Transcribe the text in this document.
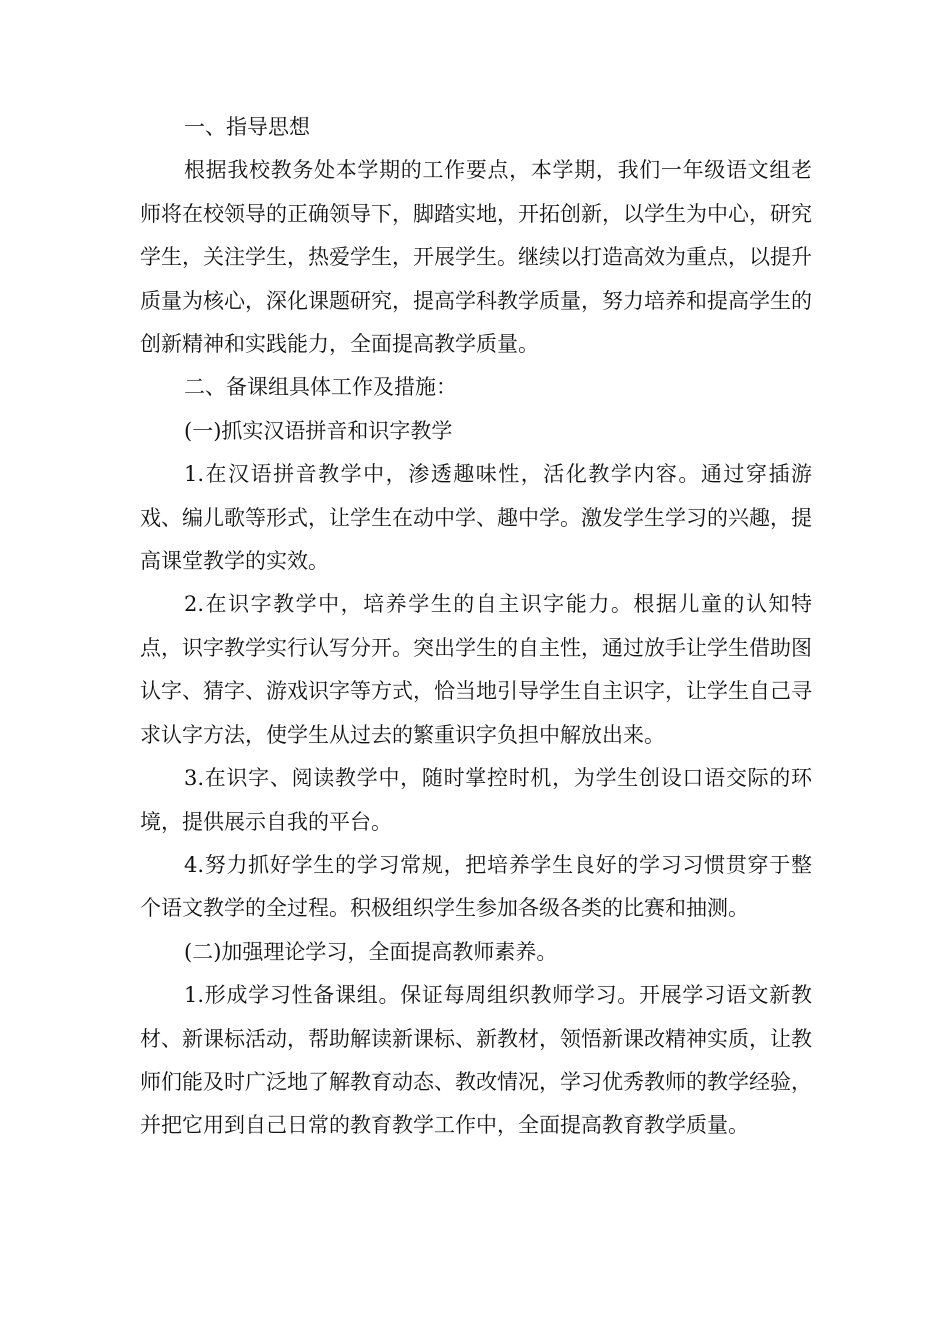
一、指导思想

根据我校教务处本学期的工作要点，本学期，我们一年级语文组老师将在校领导的正确领导下，脚踏实地，开拓创新，以学生为中心，研究学生，关注学生，热爱学生，开展学生。继续以打造高效为重点，以提升质量为核心，深化课题研究，提高学科教学质量，努力培养和提高学生的创新精神和实践能力，全面提高教学质量。

二、备课组具体工作及措施：

(一)抓实汉语拼音和识字教学

1.在汉语拼音教学中，渗透趣味性，活化教学内容。通过穿插游戏、编儿歌等形式，让学生在动中学、趣中学。激发学生学习的兴趣，提高课堂教学的实效。

2.在识字教学中，培养学生的自主识字能力。根据儿童的认知特点，识字教学实行认写分开。突出学生的自主性，通过放手让学生借助图认字、猜字、游戏识字等方式，恰当地引导学生自主识字，让学生自己寻求认字方法，使学生从过去的繁重识字负担中解放出来。

3.在识字、阅读教学中，随时掌控时机，为学生创设口语交际的环境，提供展示自我的平台。

4.努力抓好学生的学习常规，把培养学生良好的学习习惯贯穿于整个语文教学的全过程。积极组织学生参加各级各类的比赛和抽测。

(二)加强理论学习，全面提高教师素养。

1.形成学习性备课组。保证每周组织教师学习。开展学习语文新教材、新课标活动，帮助解读新课标、新教材，领悟新课改精神实质，让教师们能及时广泛地了解教育动态、教改情况，学习优秀教师的教学经验，并把它用到自己日常的教育教学工作中，全面提高教育教学质量。
